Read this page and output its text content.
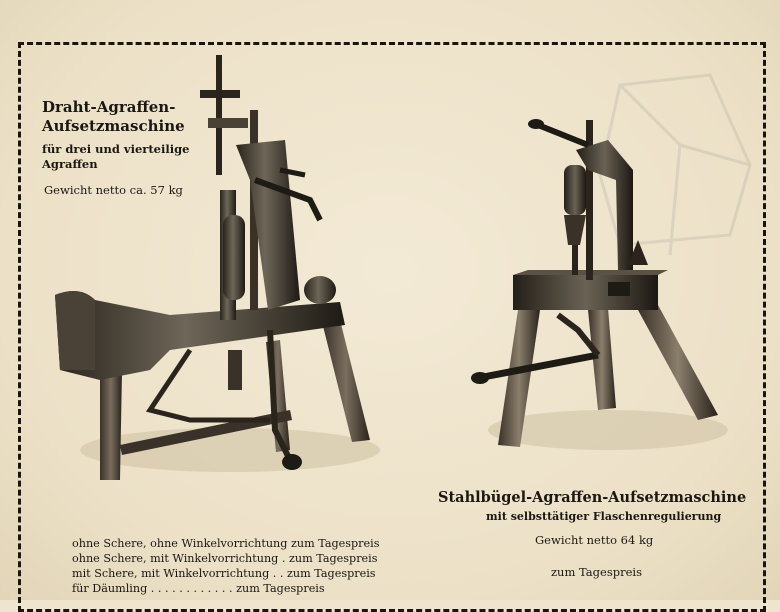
Draht-Agraffen-
Aufsetzmaschine

für drei und vierteilige
Agraffen

Gewicht netto ca. 57 kg

Stahlbügel-Agraffen-Aufsetzmaschine

mit selbsttätiger Flaschenregulierung

Gewicht netto 64 kg

zum Tagespreis

ohne Schere, ohne Winkelvorrichtung zum Tagespreis
ohne Schere, mit Winkelvorrichtung . zum Tagespreis
mit Schere, mit Winkelvorrichtung . . zum Tagespreis
für Däumling . . . . . . . . . . . . zum Tagespreis
